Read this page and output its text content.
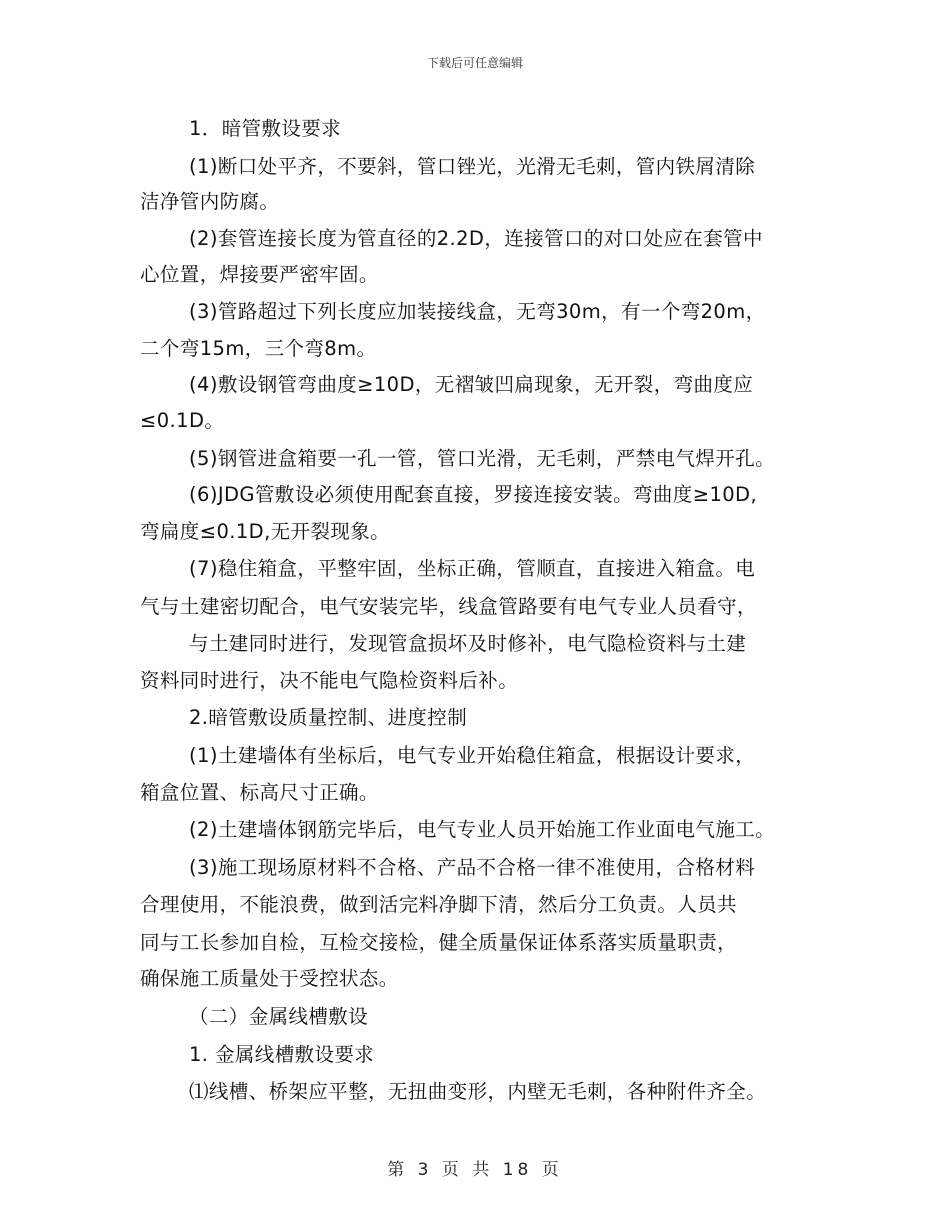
下载后可任意编辑
1．暗管敷设要求
(1)断口处平齐，不要斜，管口锉光，光滑无毛刺，管内铁屑清除
洁净管内防腐。
(2)套管连接长度为管直径的2.2D，连接管口的对口处应在套管中
心位置，焊接要严密牢固。
(3)管路超过下列长度应加装接线盒，无弯30m，有一个弯20m，
二个弯15m，三个弯8m。
(4)敷设钢管弯曲度≥10D，无褶皱凹扁现象，无开裂，弯曲度应
≤0.1D。
(5)钢管进盒箱要一孔一管，管口光滑，无毛刺，严禁电气焊开孔。
(6)JDG管敷设必须使用配套直接，罗接连接安装。弯曲度≥10D,
弯扁度≤0.1D,无开裂现象。
(7)稳住箱盒，平整牢固，坐标正确，管顺直，直接进入箱盒。电
气与土建密切配合，电气安装完毕，线盒管路要有电气专业人员看守，
与土建同时进行，发现管盒损坏及时修补，电气隐检资料与土建
资料同时进行，决不能电气隐检资料后补。
2.暗管敷设质量控制、进度控制
(1)土建墙体有坐标后，电气专业开始稳住箱盒，根据设计要求，
箱盒位置、标高尺寸正确。
(2)土建墙体钢筋完毕后，电气专业人员开始施工作业面电气施工。
(3)施工现场原材料不合格、产品不合格一律不准使用，合格材料
合理使用，不能浪费，做到活完料净脚下清，然后分工负责。人员共
同与工长参加自检，互检交接检，健全质量保证体系落实质量职责，
确保施工质量处于受控状态。
（二）金属线槽敷设
1. 金属线槽敷设要求
⑴线槽、桥架应平整，无扭曲变形，内壁无毛刺，各种附件齐全。
第 3 页 共 18 页
